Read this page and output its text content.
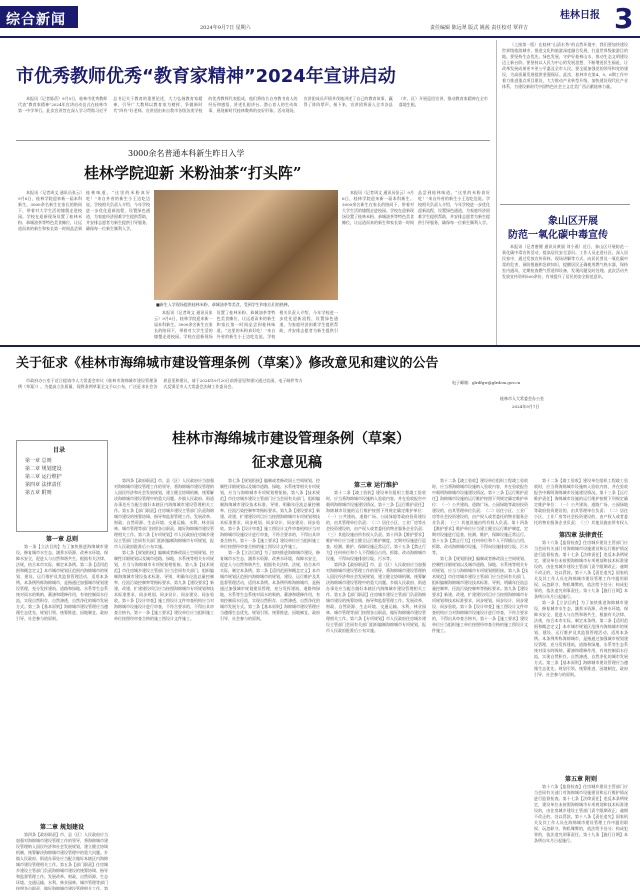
综合新闻	2024年9月7日 星期六	责任编辑 陈远翠 版式 姚茜 责任校对 覃祥吉
桂林日报 3
市优秀教师优秀“教育家精神”2024年宣讲启动

本报讯（记者陈蓓）9月5日，桂林市优秀教师代表“教育家精神”2024年宣讲启动仪式在桂林市第一中学举行。此次宣讲旨在深入学习贯彻习近平总书记关于教育的重要论述，大力弘扬教育家精神，引导广大教师以教育家为榜样，争做新时代“四有”好老师。宣讲团由来自我市各级各类学校的优秀教师代表组成，他们将结合自身教书育人的经历和感悟，讲述扎根讲台、潜心育人的生动故事，展现新时代桂林教师的良好形象。活动现场，宣讲团成员声情并茂地讲述了自己的教育故事，赢得了阵阵掌声。接下来，宣讲团将深入全市各县（市、区）开展巡回宣讲，推动教育家精神在全市落地生根。

3000余名普通本科新生昨日入学
桂林学院迎新 米粉油茶“打头阵”

本报讯（记者周文 通讯员张云）9月6日，桂林学院迎来新一届本科新生。3000余名新生在家长的陪同下，带着对大学生活的憧憬走进校园。学校在迎新现场设置了桂林米粉、恭城油茶等特色美食摊位，让远道而来的新生和家长第一时间品尝到桂林味道。“这里的米粉真好吃！”来自外省的新生小王边吃边说。学校相关负责人介绍，今年学校进一步优化迎新流程，设置绿色通道，为家庭经济困难学生提供帮助，并安排志愿者为新生提供引导服务，确保每一位新生顺利入学。

■新生入学现场提供桂林米粉、恭城油茶等美食，受到学生和家长们的热捧。

本报讯（记者周文 通讯员张云）9月6日，桂林学院迎来新一届本科新生。3000余名新生在家长的陪同下，带着对大学生活的憧憬走进校园。学校在迎新现场设置了桂林米粉、恭城油茶等特色美食摊位，让远道而来的新生和家长第一时间品尝到桂林味道。“这里的米粉真好吃！”来自外省的新生小王边吃边说。学校相关负责人介绍，今年学校进一步优化迎新流程，设置绿色通道，为家庭经济困难学生提供帮助，并安排志愿者为新生提供引

本报讯（记者周文 通讯员张云）9月6日，桂林学院迎来新一届本科新生。3000余名新生在家长的陪同下，带着对大学生活的憧憬走进校园。学校在迎新现场设置了桂林米粉、恭城油茶等特色美食摊位，让远道而来的新生和家长第一时间品尝到桂林味道。“这里的米粉真好吃！”来自外省的新生小王边吃边说。学校相关负责人介绍，今年学校进一步优化迎新流程，设置绿色通道，为家庭经济困难学生提供帮助，并安排志愿者为新生提供引导服务，确保每一位新生顺利入学。

（上接第一版）在桂林“山清水秀”的自然环境中，我们要加快建设世界级旅游城市，推进文化和旅游深度融合发展，打造世界级旅游目的地。要坚持生态优先、绿色发展，守护好桂林山水，推动生态文明建设迈上新台阶。要坚持以人民为中心的发展思想，不断增进民生福祉，让改革发展成果更多更公平惠及全市人民。要全面加强党的领导和党的建设，为高质量发展提供坚强保证。此次，桂林市在第4、5、6期工作中着力推进重点项目建设，大力推动产业转型升级，加快建设现代化产业体系，为建设新时代中国特色社会主义壮美广西贡献桂林力量。

象山区开展
防范一氧化碳中毒宣传

本报讯（记者唐健 通讯员黄丽 刘小燕）近日，象山区开展防范一氧化碳中毒宣传活动，提高居民安全意识。工作人员走进社区、深入居民家中，通过发放宣传资料、现场讲解等方式，向居民普及一氧化碳中毒的危害、预防措施和急救知识，提醒居民正确使用燃气热水器，保持室内通风，定期检查燃气管道和设备，发现问题及时处理。此次活动共发放宣传资料500余份，有效提升了居民的安全防范意识。

关于征求《桂林市海绵城市建设管理条例（草案）》修改意见和建议的公告

市政府办公室于近日提请市人大常委会审议《桂林市海绵城市建设管理条例（草案）》。为提高立法质量，现将条例草案全文予以公布，广泛征求社会各界意见和建议。请于2024年9月20日前将意见和建议通过信函、电子邮件等方式反馈至市人大常委会法制工作委员会。

电子邮箱：glrdfgw@glrdcm.gov.cn
桂林市人大常委会办公室
2024年9月7日
桂林市海绵城市建设管理条例（草案）
征求意见稿
目录
第一章 总则
第二章 规划建设
第三章 运行维护
第四章 法律责任
第五章 附则
第一章 总则

第一条【立法目的】为了加快推进海绵城市建设，修复城市水生态、涵养水资源、改善水环境、保障水安全，促进人与自然和谐共生，根据有关法律、法规，结合本市实际，制定本条例。第二条【适用范围和概念定义】本市城市规划区范围内海绵城市的规划、建设、运行维护及其监督管理活动，适用本条例。本条例所称海绵城市，是指通过加强城市规划建设管理，充分发挥建筑、道路和绿地、水系等生态系统对雨水的吸纳、蓄渗和缓释作用，有效控制雨水径流，实现自然积存、自然渗透、自然净化的城市发展方式。第三条【基本原则】海绵城市建设管理应当遵循生态优先、规划引领、统筹推进、因地制宜、政府引导、社会参与的原则。

第二章 规划建设

第四条【政府职责】市、县（区）人民政府应当加强对海绵城市建设管理工作的领导，将海绵城市建设管理纳入国民经济和社会发展规划，建立健全协调机制，统筹解决海绵城市建设管理中的重大问题。乡镇人民政府、街道办事处应当配合做好本辖区内海绵城市建设管理相关工作。第五条【部门职责】住房城乡建设主管部门负责海绵城市建设的统筹协调、指导和监督管理工作。发展改革、财政、自然资源、生态环境、交通运输、水利、林业园林、城市管理等部门按照各自职责，做好海绵城市建设管理相关工作。第

第四条【政府职责】市、县（区）人民政府应当加强对海绵城市建设管理工作的领导，将海绵城市建设管理纳入国民经济和社会发展规划，建立健全协调机制，统筹解决海绵城市建设管理中的重大问题。乡镇人民政府、街道办事处应当配合做好本辖区内海绵城市建设管理相关工作。第五条【部门职责】住房城乡建设主管部门负责海绵城市建设的统筹协调、指导和监督管理工作。发展改革、财政、自然资源、生态环境、交通运输、水利、林业园林、城市管理等部门按照各自职责，做好海绵城市建设管理相关工作。第六条【专项规划】市人民政府住房城乡建设主管部门会同有关部门组织编制海绵城市专项规划，报市人民政府批准后公布实施。

第七条【规划衔接】编制或者修改国土空间规划、控制性详细规划以及城市道路、绿地、水系统等相关专项规划，应当与海绵城市专项规划相衔接。第八条【技术规范】市住房城乡建设主管部门应当会同有关部门，组织编制海绵城市建设技术标准、导则，明确年径流总量控制率、径流污染控制率等指标要求。第九条【建设要求】新建、改建、扩建建设项目应当按照海绵城市专项规划和技术标准要求，同步规划、同步设计、同步建设、同步验收。第十条【设计审查】施工图设计文件审查机构应当对海绵城市设施设计进行审查，不符合要求的，不得出具审查合格书。第十一条【施工要求】建设单位应当组织施工单位按照经审查合格的施工图设计文件施工。

第七条【规划衔接】编制或者修改国土空间规划、控制性详细规划以及城市道路、绿地、水系统等相关专项规划，应当与海绵城市专项规划相衔接。第八条【技术规范】市住房城乡建设主管部门应当会同有关部门，组织编制海绵城市建设技术标准、导则，明确年径流总量控制率、径流污染控制率等指标要求。第九条【建设要求】新建、改建、扩建建设项目应当按照海绵城市专项规划和技术标准要求，同步规划、同步设计、同步建设、同步验收。第十条【设计审查】施工图设计文件审查机构应当对海绵城市设施设计进行审查，不符合要求的，不得出具审查合格书。第十一条【施工要求】建设单位应当组织施工单位按照经审查合格的施工图设计文件施工。

第一条【立法目的】为了加快推进海绵城市建设，修复城市水生态、涵养水资源、改善水环境、保障水安全，促进人与自然和谐共生，根据有关法律、法规，结合本市实际，制定本条例。第二条【适用范围和概念定义】本市城市规划区范围内海绵城市的规划、建设、运行维护及其监督管理活动，适用本条例。本条例所称海绵城市，是指通过加强城市规划建设管理，充分发挥建筑、道路和绿地、水系等生态系统对雨水的吸纳、蓄渗和缓释作用，有效控制雨水径流，实现自然积存、自然渗透、自然净化的城市发展方式。第三条【基本原则】海绵城市建设管理应当遵循生态优先、规划引领、统筹推进、因地制宜、政府引导、社会参与的原则。

第三章 运行维护

第十二条【竣工验收】建设单位组织工程竣工验收时，应当将海绵城市设施纳入验收内容，并在验收报告中载明海绵城市设施建设情况。第十三条【运行维护责任】海绵城市设施的运行维护按照下列规定确定维护单位：（一）公共建筑、道路广场、公园绿地等政府投资建设的，由其管理单位负责；（二）居住小区、工业厂房等社会投资建设的，由产权人或者委托的物业服务企业负责；（三）其他设施由所有权人负责。第十四条【维护要求】维护单位应当建立健全运行维护制度，定期对设施进行巡查、检测、维护，保障设施正常运行。第十五条【禁止行为】任何单位和个人不得擅自占用、拆除、改动海绵城市设施，不得向设施排放垃圾、污水等。

第四条【政府职责】市、县（区）人民政府应当加强对海绵城市建设管理工作的领导，将海绵城市建设管理纳入国民经济和社会发展规划，建立健全协调机制，统筹解决海绵城市建设管理中的重大问题。乡镇人民政府、街道办事处应当配合做好本辖区内海绵城市建设管理相关工作。第五条【部门职责】住房城乡建设主管部门负责海绵城市建设的统筹协调、指导和监督管理工作。发展改革、财政、自然资源、生态环境、交通运输、水利、林业园林、城市管理等部门按照各自职责，做好海绵城市建设管理相关工作。第六条【专项规划】市人民政府住房城乡建设主管部门会同有关部门组织编制海绵城市专项规划，报市人民政府批准后公布实施。

第十二条【竣工验收】建设单位组织工程竣工验收时，应当将海绵城市设施纳入验收内容，并在验收报告中载明海绵城市设施建设情况。第十三条【运行维护责任】海绵城市设施的运行维护按照下列规定确定维护单位：（一）公共建筑、道路广场、公园绿地等政府投资建设的，由其管理单位负责；（二）居住小区、工业厂房等社会投资建设的，由产权人或者委托的物业服务企业负责；（三）其他设施由所有权人负责。第十四条【维护要求】维护单位应当建立健全运行维护制度，定期对设施进行巡查、检测、维护，保障设施正常运行。第十五条【禁止行为】任何单位和个人不得擅自占用、拆除、改动海绵城市设施，不得向设施排放垃圾、污水等。

第七条【规划衔接】编制或者修改国土空间规划、控制性详细规划以及城市道路、绿地、水系统等相关专项规划，应当与海绵城市专项规划相衔接。第八条【技术规范】市住房城乡建设主管部门应当会同有关部门，组织编制海绵城市建设技术标准、导则，明确年径流总量控制率、径流污染控制率等指标要求。第九条【建设要求】新建、改建、扩建建设项目应当按照海绵城市专项规划和技术标准要求，同步规划、同步设计、同步建设、同步验收。第十条【设计审查】施工图设计文件审查机构应当对海绵城市设施设计进行审查，不符合要求的，不得出具审查合格书。第十一条【施工要求】建设单位应当组织施工单位按照经审查合格的施工图设计文件施工。

第四章 法律责任

第十二条【竣工验收】建设单位组织工程竣工验收时，应当将海绵城市设施纳入验收内容，并在验收报告中载明海绵城市设施建设情况。第十三条【运行维护责任】海绵城市设施的运行维护按照下列规定确定维护单位：（一）公共建筑、道路广场、公园绿地等政府投资建设的，由其管理单位负责；（二）居住小区、工业厂房等社会投资建设的，由产权人或者委托的物业服务企业负责；（三）其他设施由所有权人

第十六条【监督检查】住房城乡建设主管部门应当会同有关部门对海绵城市设施建设和运行维护情况进行监督检查。第十七条【法律责任】违反本条例规定，建设单位未按照海绵城市专项规划和技术标准建设的，由住房城乡建设主管部门责令限期改正；逾期不改正的，处以罚款。第十八条【责任追究】国家机关及其工作人员在海绵城市建设管理工作中滥用职权、玩忽职守、徇私舞弊的，依法给予处分；构成犯罪的，依法追究刑事责任。第十九条【施行日期】本条例自年月日起施行。

第一条【立法目的】为了加快推进海绵城市建设，修复城市水生态、涵养水资源、改善水环境、保障水安全，促进人与自然和谐共生，根据有关法律、法规，结合本市实际，制定本条例。第二条【适用范围和概念定义】本市城市规划区范围内海绵城市的规划、建设、运行维护及其监督管理活动，适用本条例。本条例所称海绵城市，是指通过加强城市规划建设管理，充分发挥建筑、道路和绿地、水系等生态系统对雨水的吸纳、蓄渗和缓释作用，有效控制雨水径流，实现自然积存、自然渗透、自然净化的城市发展方式。第三条【基本原则】海绵城市建设管理应当遵循生态优先、规划引领、统筹推进、因地制宜、政府引导、社会参与的原则。

第五章 附则

第十六条【监督检查】住房城乡建设主管部门应当会同有关部门对海绵城市设施建设和运行维护情况进行监督检查。第十七条【法律责任】违反本条例规定，建设单位未按照海绵城市专项规划和技术标准建设的，由住房城乡建设主管部门责令限期改正；逾期不改正的，处以罚款。第十八条【责任追究】国家机关及其工作人员在海绵城市建设管理工作中滥用职权、玩忽职守、徇私舞弊的，依法给予处分；构成犯罪的，依法追究刑事责任。第十九条【施行日期】本条例自年月日起施行。
